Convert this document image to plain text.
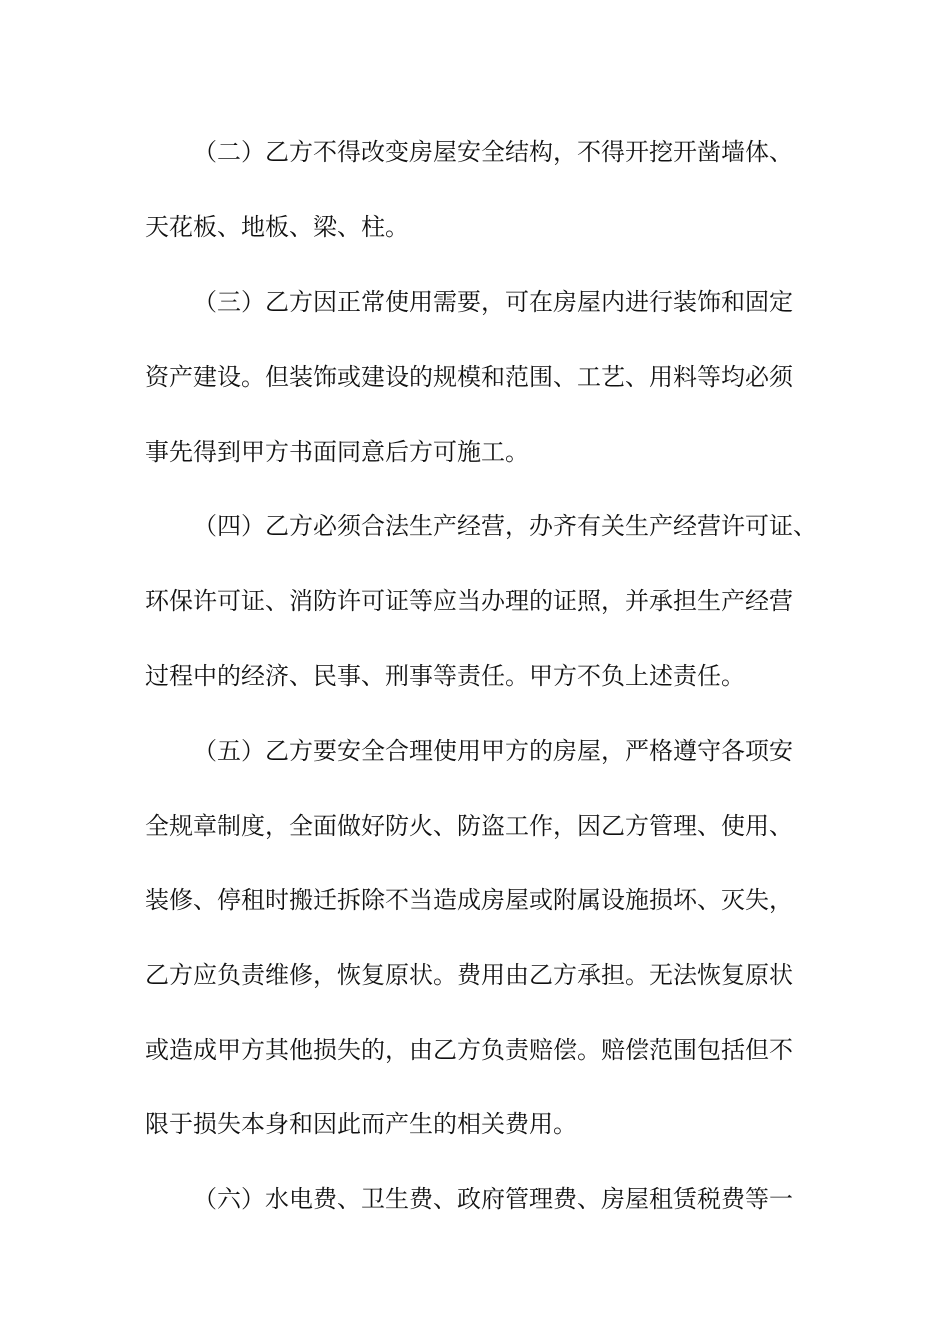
（二）乙方不得改变房屋安全结构，不得开挖开凿墙体、
天花板、地板、梁、柱。
（三）乙方因正常使用需要，可在房屋内进行装饰和固定
资产建设。但装饰或建设的规模和范围、工艺、用料等均必须
事先得到甲方书面同意后方可施工。
（四）乙方必须合法生产经营，办齐有关生产经营许可证、
环保许可证、消防许可证等应当办理的证照，并承担生产经营
过程中的经济、民事、刑事等责任。甲方不负上述责任。
（五）乙方要安全合理使用甲方的房屋，严格遵守各项安
全规章制度，全面做好防火、防盗工作，因乙方管理、使用、
装修、停租时搬迁拆除不当造成房屋或附属设施损坏、灭失，
乙方应负责维修，恢复原状。费用由乙方承担。无法恢复原状
或造成甲方其他损失的，由乙方负责赔偿。赔偿范围包括但不
限于损失本身和因此而产生的相关费用。
（六）水电费、卫生费、政府管理费、房屋租赁税费等一
